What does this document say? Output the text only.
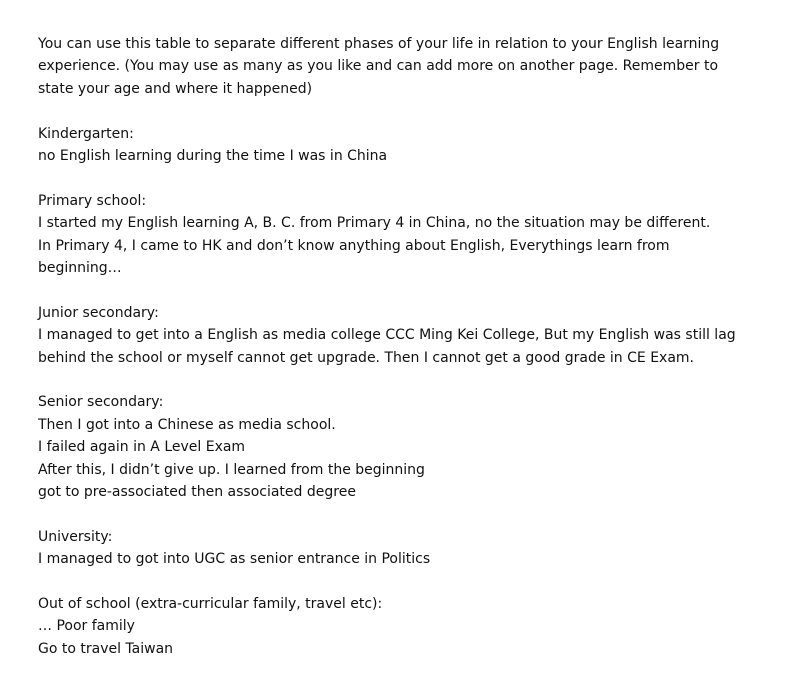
You can use this table to separate different phases of your life in relation to your English learning
experience. (You may use as many as you like and can add more on another page. Remember to
state your age and where it happened)
Kindergarten:
no English learning during the time I was in China
Primary school:
I started my English learning A, B. C. from Primary 4 in China, no the situation may be different.
In Primary 4, I came to HK and don’t know anything about English, Everythings learn from
beginning…
Junior secondary:
I managed to get into a English as media college CCC Ming Kei College, But my English was still lag
behind the school or myself cannot get upgrade. Then I cannot get a good grade in CE Exam.
Senior secondary:
Then I got into a Chinese as media school.
I failed again in A Level Exam
After this, I didn’t give up. I learned from the beginning
got to pre-associated then associated degree
University:
I managed to got into UGC as senior entrance in Politics
Out of school (extra-curricular family, travel etc):
… Poor family
Go to travel Taiwan
